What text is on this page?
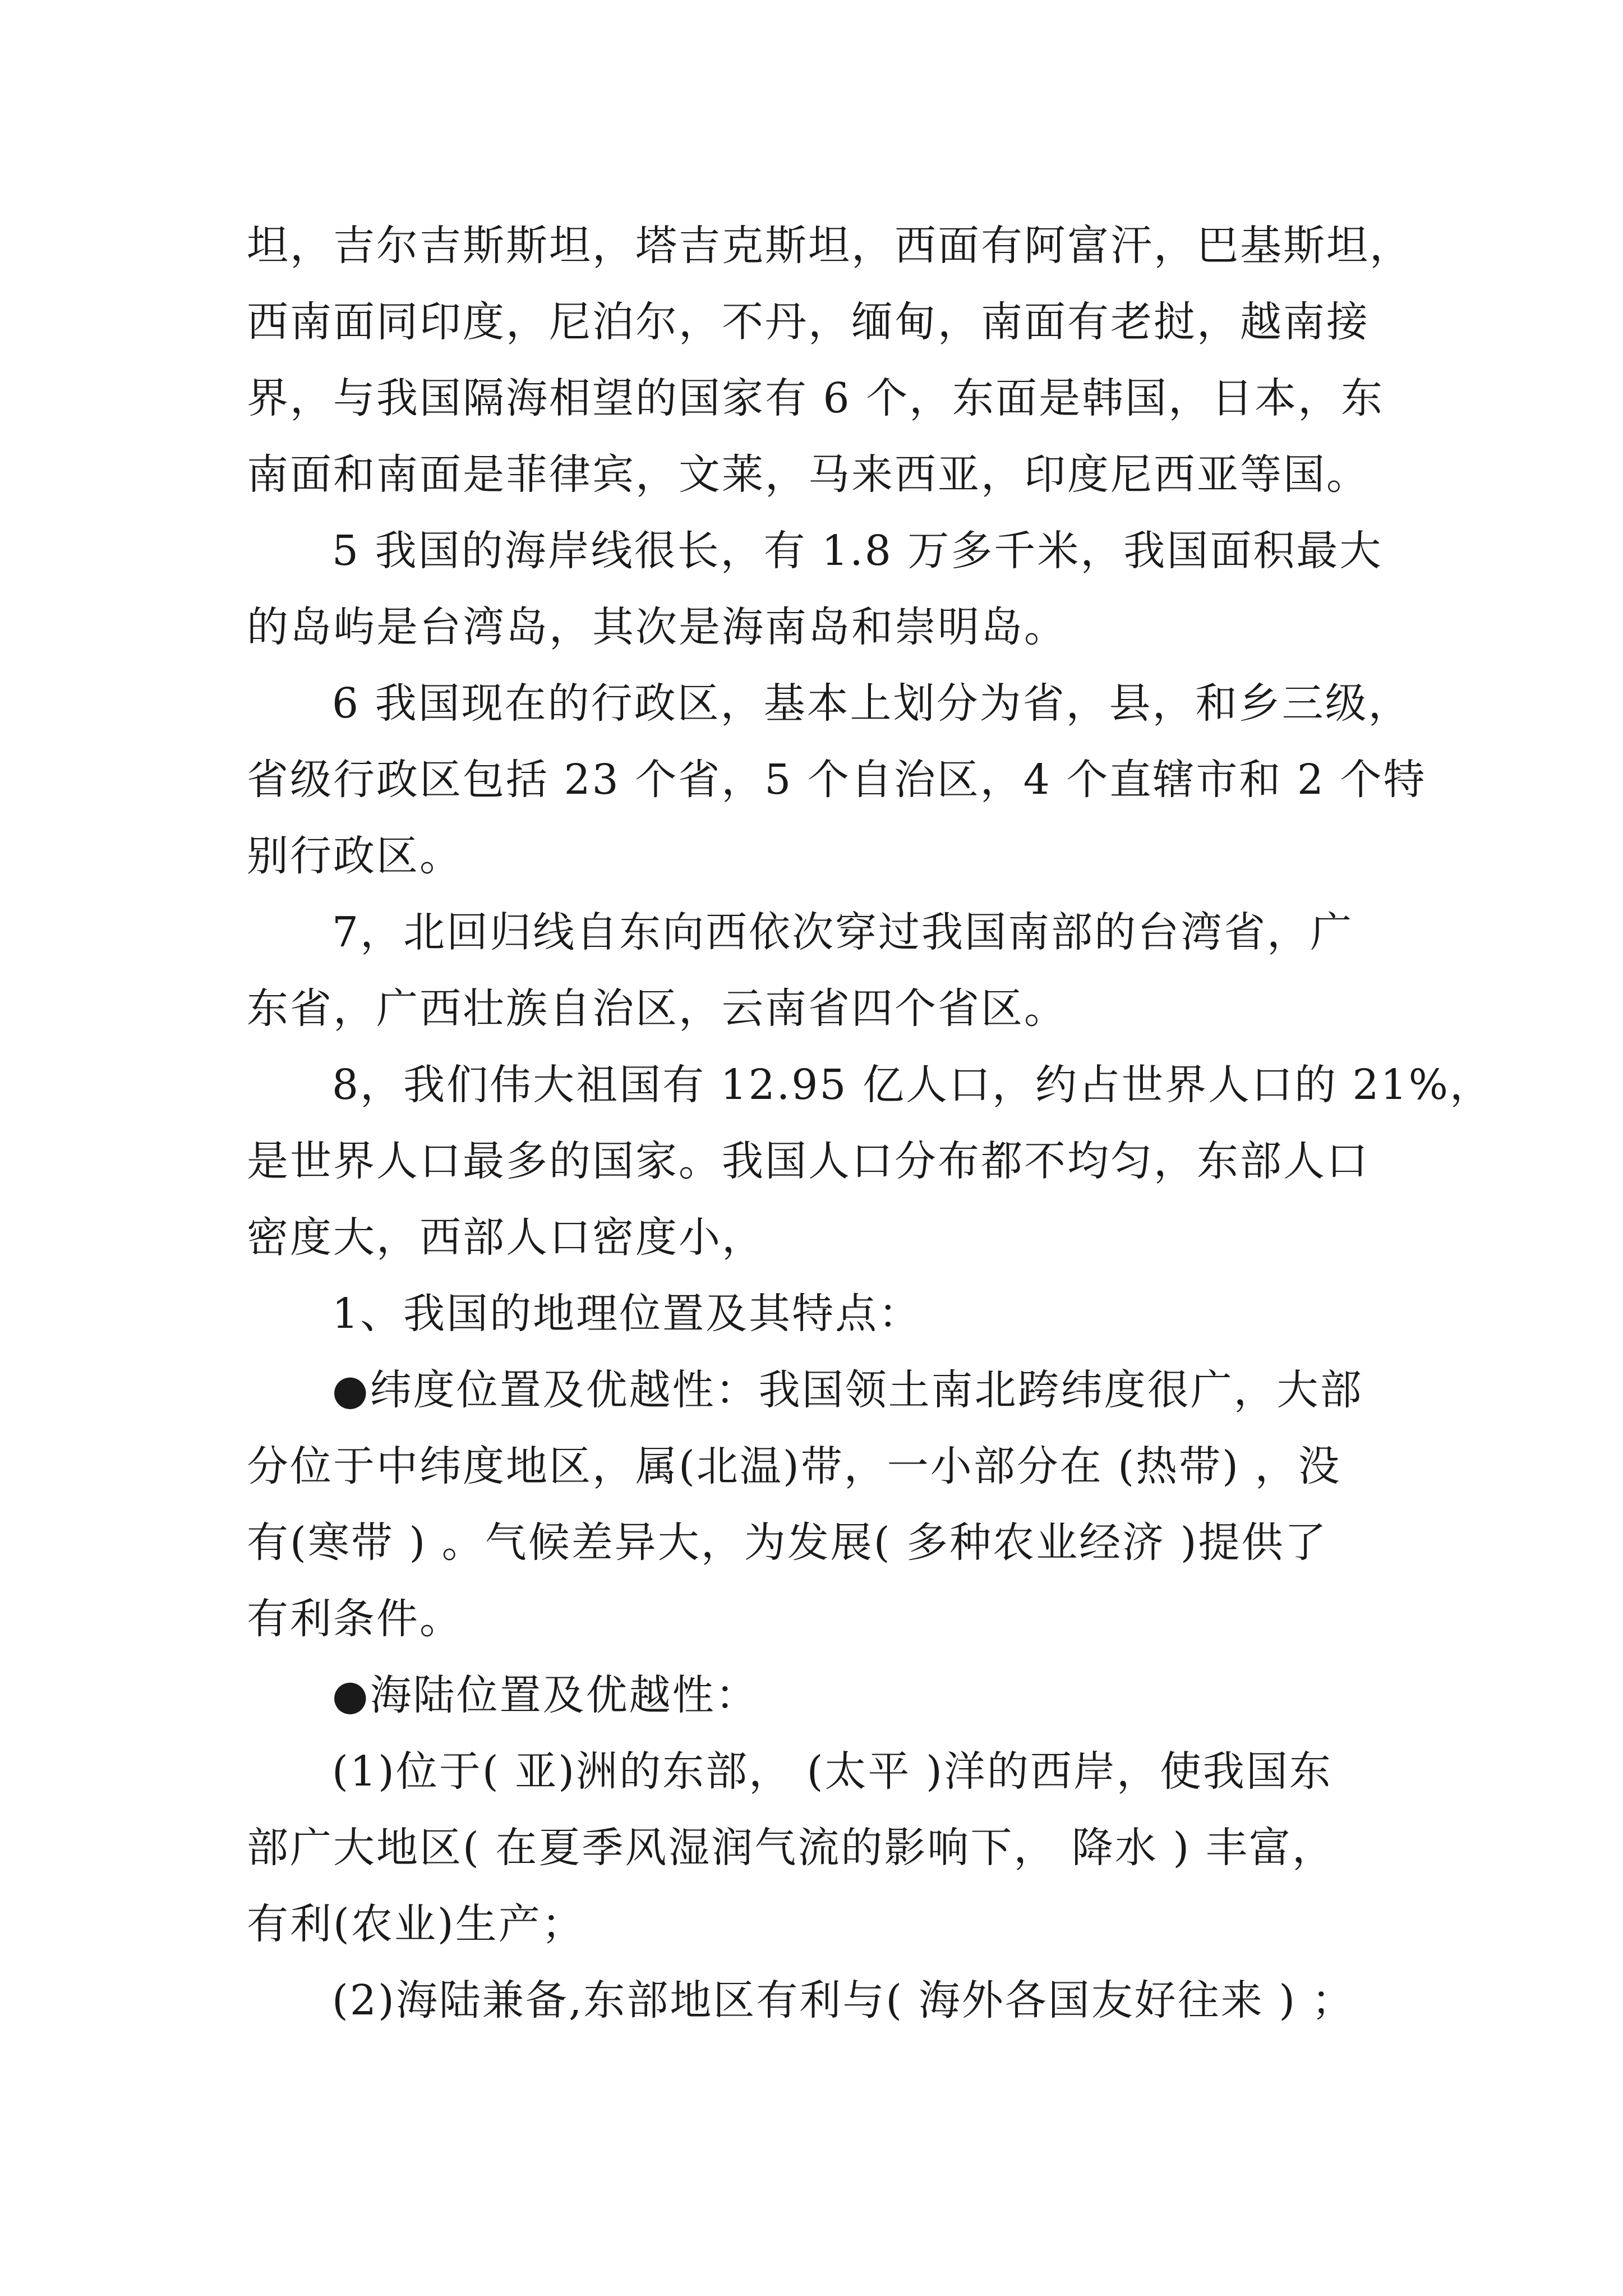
坦，吉尔吉斯斯坦，塔吉克斯坦，西面有阿富汗，巴基斯坦，
西南面同印度，尼泊尔，不丹，缅甸，南面有老挝，越南接
界，与我国隔海相望的国家有 6 个，东面是韩国，日本，东
南面和南面是菲律宾，文莱，马来西亚，印度尼西亚等国。
5 我国的海岸线很长，有 1.8 万多千米，我国面积最大
的岛屿是台湾岛，其次是海南岛和崇明岛。
6 我国现在的行政区，基本上划分为省，县，和乡三级，
省级行政区包括 23 个省，5 个自治区，4 个直辖市和 2 个特
别行政区。
7，北回归线自东向西依次穿过我国南部的台湾省，广
东省，广西壮族自治区，云南省四个省区。
8，我们伟大祖国有 12.95 亿人口，约占世界人口的 21%，
是世界人口最多的国家。我国人口分布都不均匀，东部人口
密度大，西部人口密度小，
1、我国的地理位置及其特点：
●纬度位置及优越性：我国领土南北跨纬度很广，大部
分位于中纬度地区，属(北温)带，一小部分在 (热带) ，没
有(寒带 ) 。气候差异大，为发展( 多种农业经济 )提供了
有利条件。
●海陆位置及优越性：
(1)位于( 亚)洲的东部， (太平 )洋的西岸，使我国东
部广大地区( 在夏季风湿润气流的影响下， 降水 ) 丰富，
有利(农业)生产；
(2)海陆兼备,东部地区有利与( 海外各国友好往来 ) ；
